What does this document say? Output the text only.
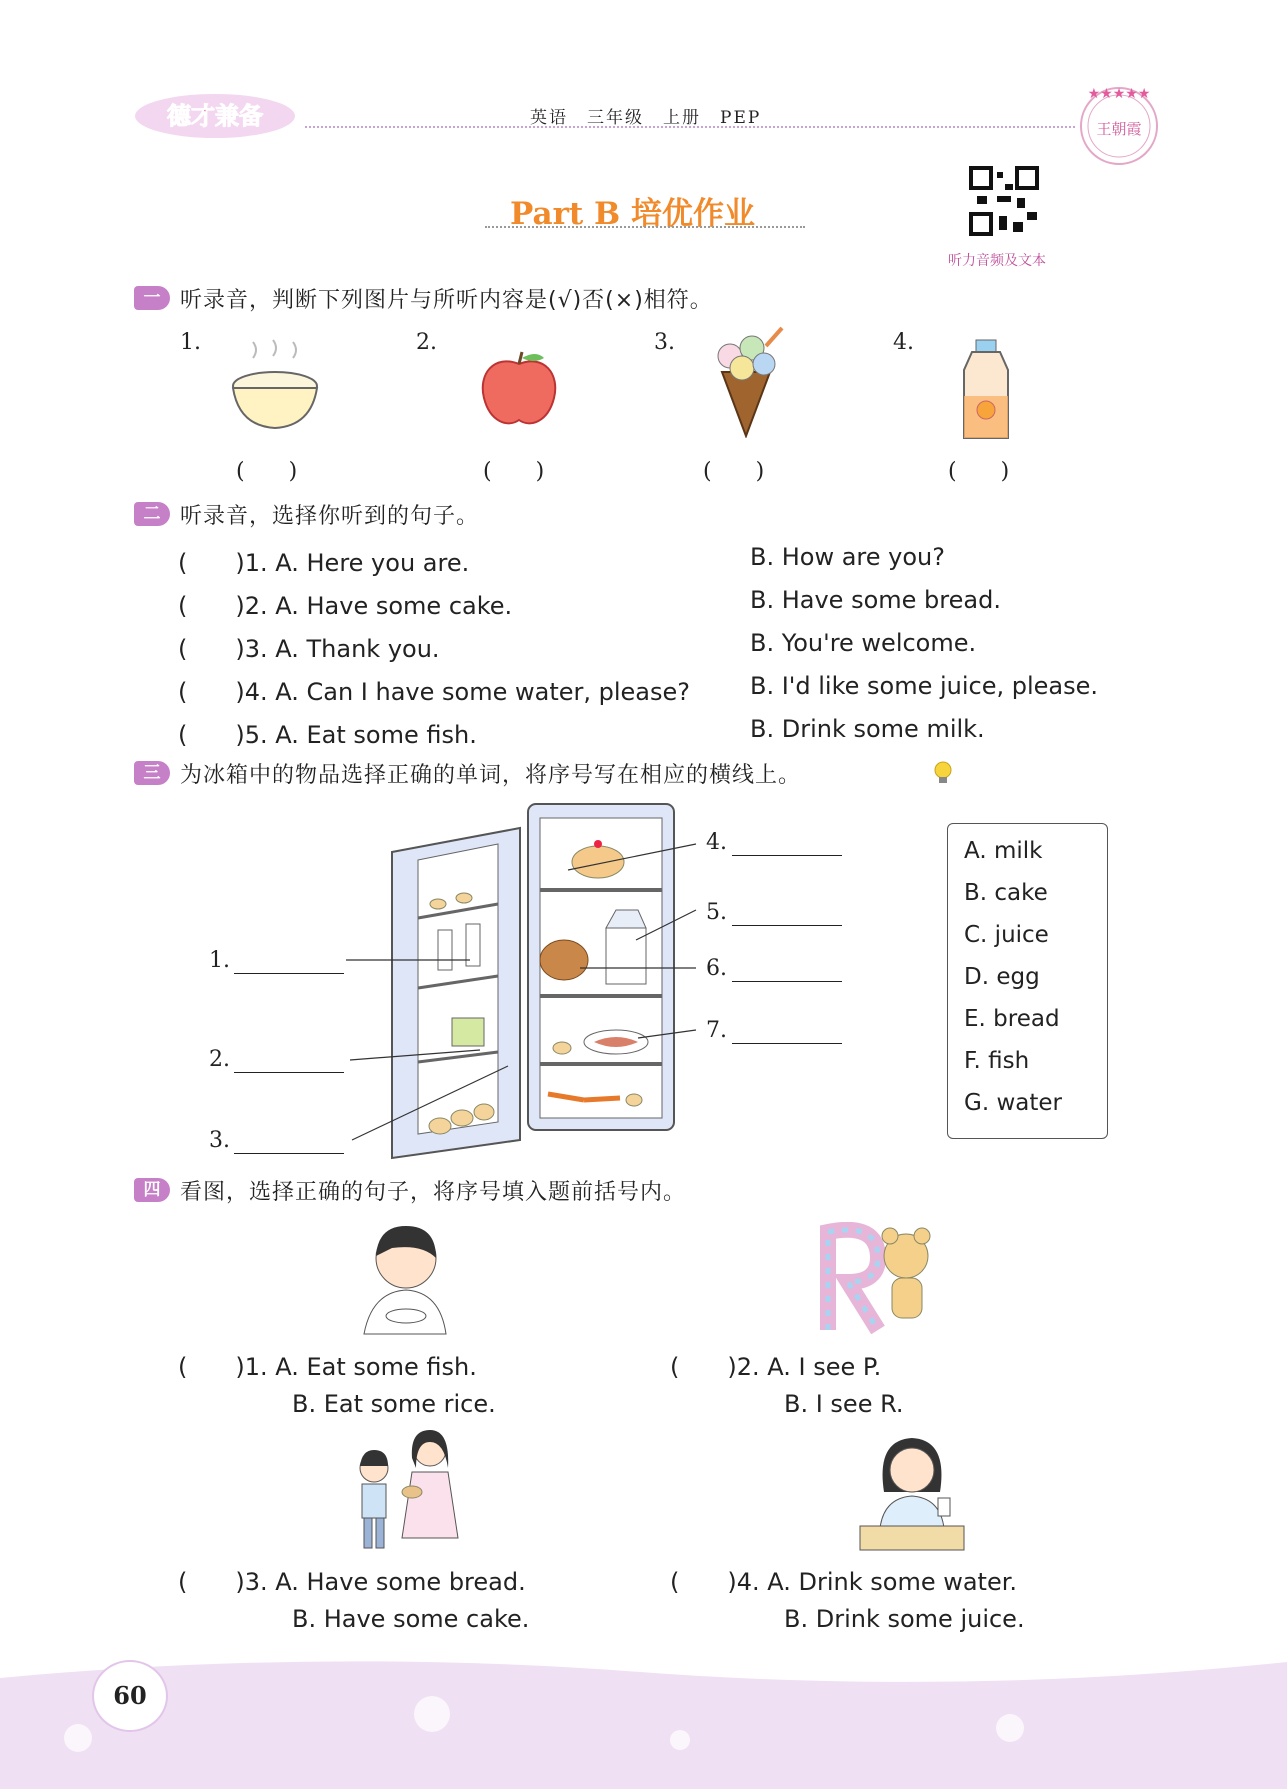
德才兼备	英语　三年级　上册　PEP
★★★★★
王朝霞
Part B 培优作业
听力音频及文本
一 听录音，判断下列图片与所听内容是(√)否(×)相符。
1.	2.	3.	4.
(　　)	(　　)	(　　)	(　　)
二 听录音，选择你听到的句子。
(　　)1. A. Here you are.	B. How are you?
(　　)2. A. Have some cake.	B. Have some bread.
(　　)3. A. Thank you.	B. You're welcome.
(　　)4. A. Can I have some water, please? B. I'd like some juice, please.
(　　)5. A. Eat some fish.	B. Drink some milk.
三 为冰箱中的物品选择正确的单词，将序号写在相应的横线上。
1.
2.
3.
4.
5.
6.
7.
A. milk
B. cake
C. juice
D. egg
E. bread
F. fish
G. water
四 看图，选择正确的句子，将序号填入题前括号内。
(　　)1. A. Eat some fish.
B. Eat some rice.
(　　)2. A. I see P.
B. I see R.
(　　)3. A. Have some bread.
B. Have some cake.
(　　)4. A. Drink some water.
B. Drink some juice.
60
